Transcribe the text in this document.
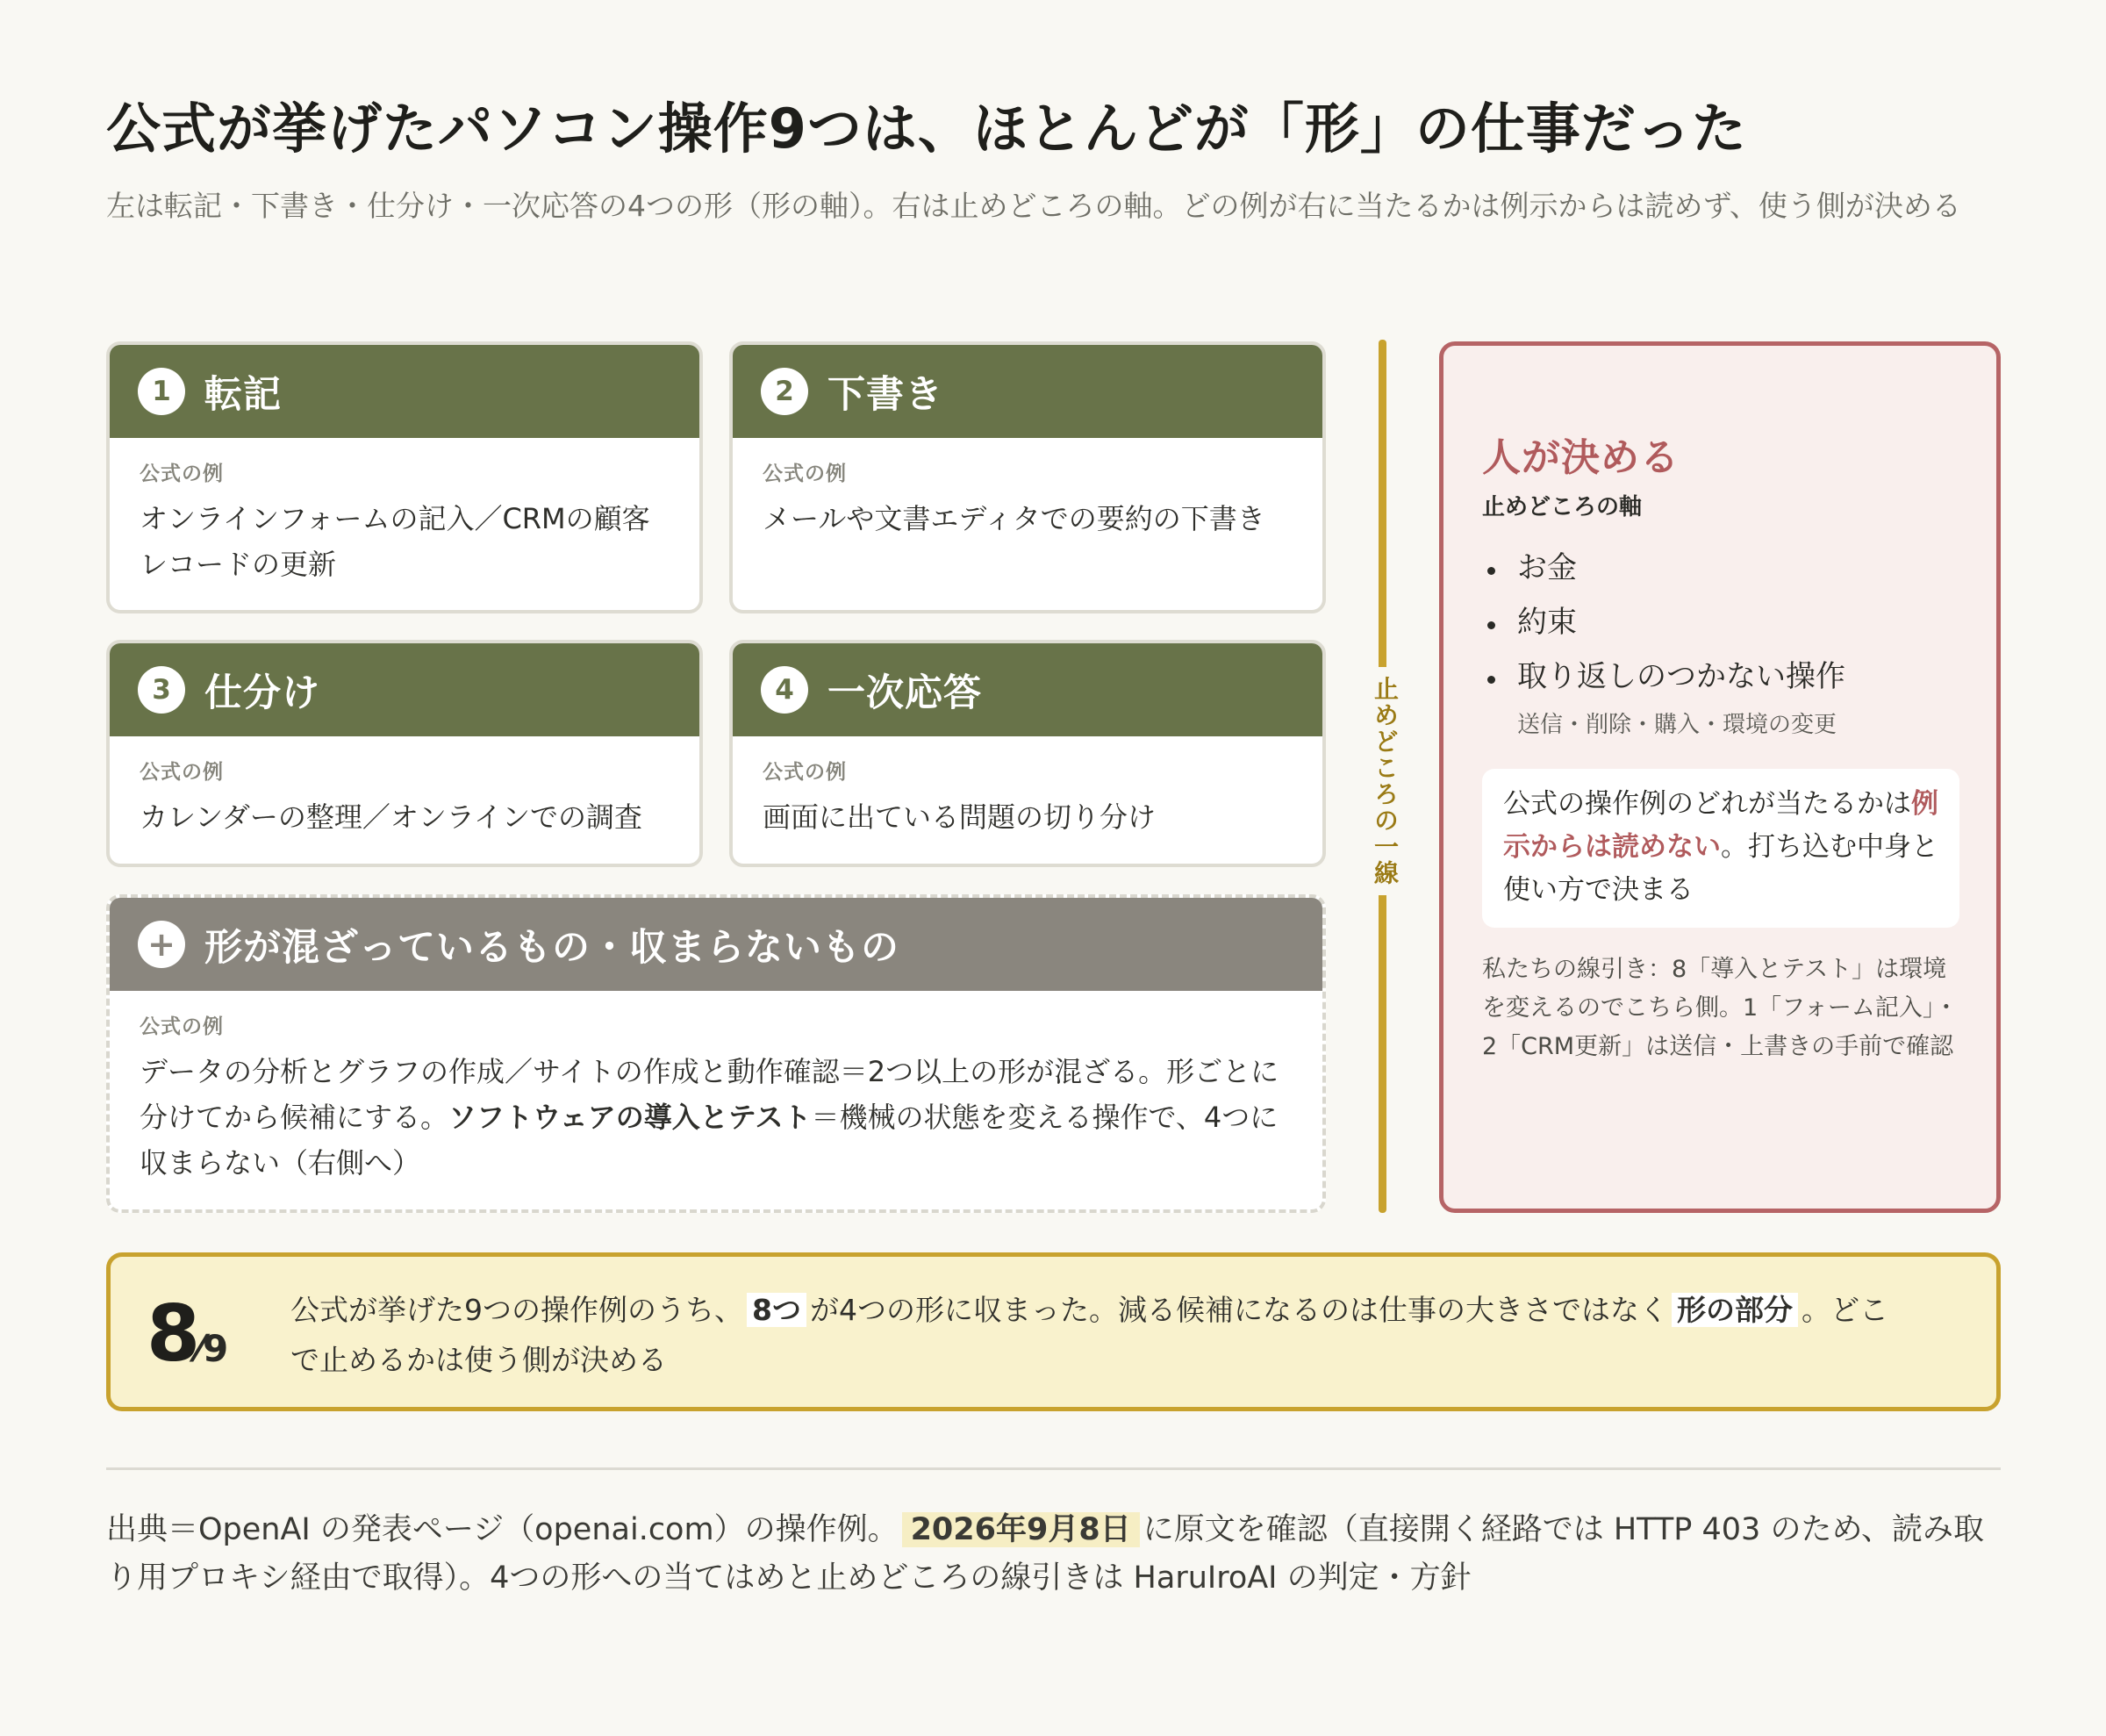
公式が挙げたパソコン操作9つは、ほとんどが「形」の仕事だった

左は転記・下書き・仕分け・一次応答の4つの形（形の軸）。右は止めどころの軸。どの例が右に当たるかは例示からは読めず、使う側が決める

1 転記
公式の例
オンラインフォームの記入／CRMの顧客レコードの更新
2 下書き
公式の例
メールや文書エディタでの要約の下書き
3 仕分け
公式の例
カレンダーの整理／オンラインでの調査
4 一次応答
公式の例
画面に出ている問題の切り分け
+ 形が混ざっているもの・収まらないもの
公式の例
データの分析とグラフの作成／サイトの作成と動作確認＝2つ以上の形が混ざる。形ごとに分けてから候補にする。ソフトウェアの導入とテスト＝機械の状態を変える操作で、4つに収まらない（右側へ）
止めどころの一線
人が決める
止めどころの軸
お金
約束
取り返しのつかない操作
送信・削除・購入・環境の変更
公式の操作例のどれが当たるかは例示からは読めない。打ち込む中身と使い方で決まる
私たちの線引き：8「導入とテスト」は環境を変えるのでこちら側。1「フォーム記入」・2「CRM更新」は送信・上書きの手前で確認
8
⁄9
公式が挙げた9つの操作例のうち、 8つ が4つの形に収まった。減る候補になるのは仕事の大きさではなく 形の部分 。どこで止めるかは使う側が決める
出典＝OpenAI の発表ページ（openai.com）の操作例。 2026年9月8日 に原文を確認（直接開く経路では HTTP 403 のため、読み取り用プロキシ経由で取得）。4つの形への当てはめと止めどころの線引きは HaruIroAI の判定・方針
